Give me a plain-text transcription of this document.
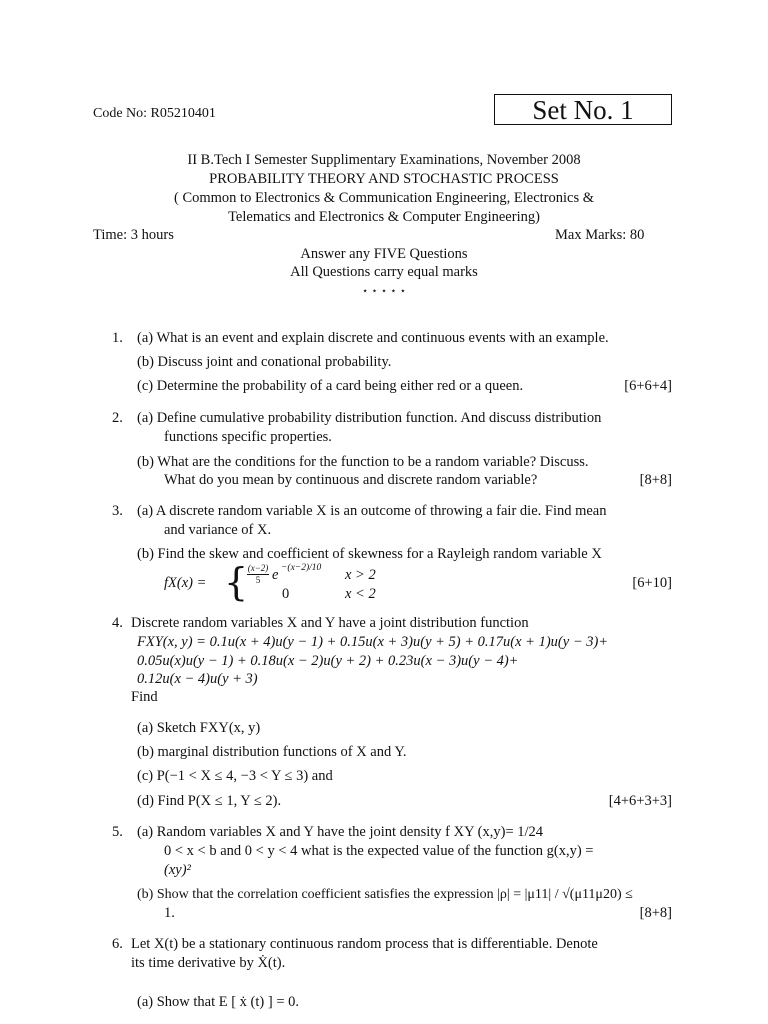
Code No: R05210401	Set No. 1
II B.Tech I Semester Supplimentary Examinations, November 2008
PROBABILITY THEORY AND STOCHASTIC PROCESS
( Common to Electronics & Communication Engineering, Electronics &
Telematics and Electronics & Computer Engineering)
Time: 3 hours	Max Marks: 80
Answer any FIVE Questions
All Questions carry equal marks
⋆ ⋆ ⋆ ⋆ ⋆
1. (a) What is an event and explain discrete and continuous events with an example.
(b) Discuss joint and conational probability.
(c) Determine the probability of a card being either red or a queen.	[6+6+4]
2. (a) Define cumulative probability distribution function. And discuss distribution
functions specific properties.
(b) What are the conditions for the function to be a random variable? Discuss.
What do you mean by continuous and discrete random variable?	[8+8]
3. (a) A discrete random variable X is an outcome of throwing a fair die. Find mean
and variance of X.
(b) Find the skew and coefficient of skewness for a Rayleigh random variable X
fX(x) = { (x−2)
5 e −(x−2)/10 x > 2
0	x < 2
[6+10]
4. Discrete random variables X and Y have a joint distribution function
FXY(x, y) = 0.1u(x + 4)u(y − 1) + 0.15u(x + 3)u(y + 5) + 0.17u(x + 1)u(y − 3)+
0.05u(x)u(y − 1) + 0.18u(x − 2)u(y + 2) + 0.23u(x − 3)u(y − 4)+
0.12u(x − 4)u(y + 3)
Find
(a) Sketch FXY(x, y)
(b) marginal distribution functions of X and Y.
(c) P(−1 < X ≤ 4, −3 < Y ≤ 3) and
(d) Find P(X ≤ 1, Y ≤ 2).	[4+6+3+3]
5. (a) Random variables X and Y have the joint density f XY (x,y)= 1/24
0 < x < b and 0 < y < 4 what is the expected value of the function g(x,y) =
(xy)²
(b) Show that the correlation coefficient satisfies the expression |ρ| = |μ11| / √(μ11μ20) ≤
1.	[8+8]
6. Let X(t) be a stationary continuous random process that is differentiable. Denote
its time derivative by Ẋ(t).
(a) Show that E [ ẋ (t) ] = 0.
